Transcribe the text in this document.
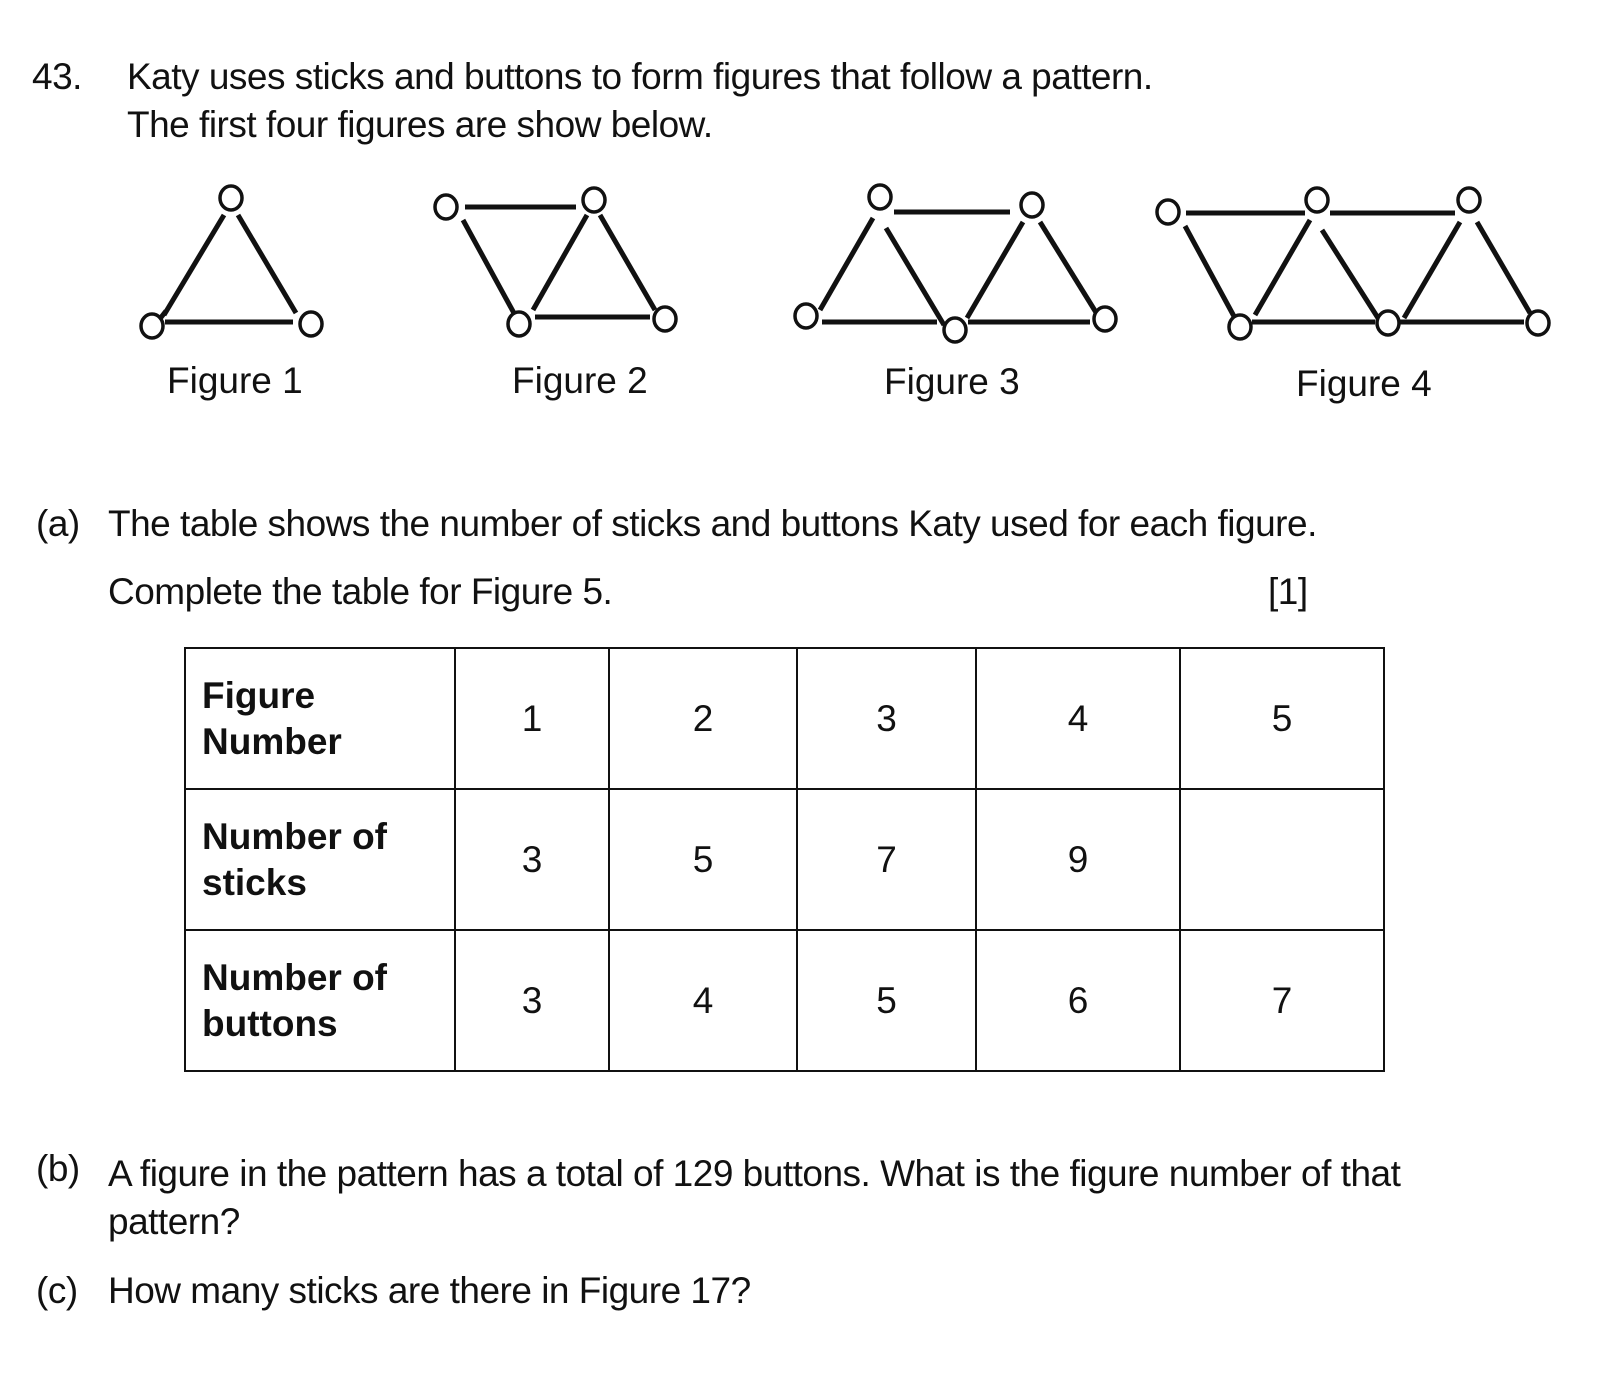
43. Katy uses sticks and buttons to form figures that follow a pattern.
The first four figures are show below.
Figure 1	Figure 2	Figure 3	Figure 4
(a) The table shows the number of sticks and buttons Katy used for each figure.
Complete the table for Figure 5.	[1]
Figure
Number	1	2	3	4	5
Number of
sticks	3	5	7	9	
Number of
buttons	3	4	5	6	7
(b) A figure in the pattern has a total of 129 buttons. What is the figure number of that pattern?
(c) How many sticks are there in Figure 17?
